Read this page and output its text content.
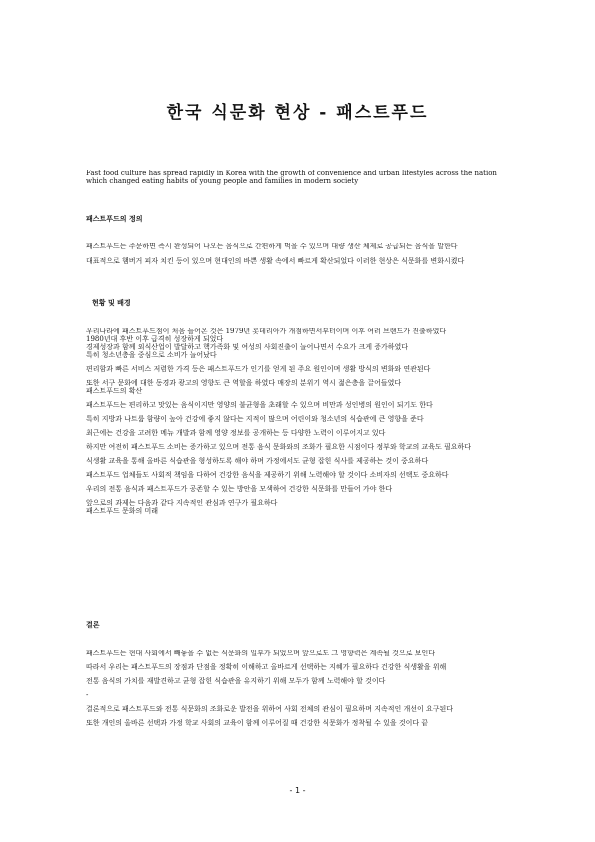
한국 식문화 현상 - 패스트푸드
Fast food culture has spread rapidly in Korea with the growth of convenience and urban lifestyles across the nation
which changed eating habits of young people and families in modern society
패스트푸드의 정의
패스트푸드는 주문하면 즉시 완성되어 나오는 음식으로 간편하게 먹을 수 있으며 대량 생산 체제로 공급되는 음식을 말한다
대표적으로 햄버거 피자 치킨 등이 있으며 현대인의 바쁜 생활 속에서 빠르게 확산되었다 이러한 현상은 식문화를 변화시켰다
현황 및 배경
우리나라에 패스트푸드점이 처음 들어온 것은 1979년 롯데리아가 개점하면서부터이며 이후 여러 브랜드가 진출하였다
1980년대 후반 이후 급격히 성장하게 되었다
경제성장과 함께 외식산업이 발달하고 핵가족화 및 여성의 사회진출이 늘어나면서 수요가 크게 증가하였다
특히 청소년층을 중심으로 소비가 늘어났다
편리함과 빠른 서비스 저렴한 가격 등은 패스트푸드가 인기를 얻게 된 주요 원인이며 생활 방식의 변화와 연관된다
또한 서구 문화에 대한 동경과 광고의 영향도 큰 역할을 하였다 매장의 분위기 역시 젊은층을 끌어들였다
패스트푸드의 확산
패스트푸드는 편리하고 맛있는 음식이지만 영양의 불균형을 초래할 수 있으며 비만과 성인병의 원인이 되기도 한다
특히 지방과 나트륨 함량이 높아 건강에 좋지 않다는 지적이 많으며 어린이와 청소년의 식습관에 큰 영향을 준다
최근에는 건강을 고려한 메뉴 개발과 함께 영양 정보를 공개하는 등 다양한 노력이 이루어지고 있다
하지만 여전히 패스트푸드 소비는 증가하고 있으며 전통 음식 문화와의 조화가 필요한 시점이다 정부와 학교의 교육도 필요하다
식생활 교육을 통해 올바른 식습관을 형성하도록 해야 하며 가정에서도 균형 잡힌 식사를 제공하는 것이 중요하다
패스트푸드 업체들도 사회적 책임을 다하여 건강한 음식을 제공하기 위해 노력해야 할 것이다 소비자의 선택도 중요하다
우리의 전통 음식과 패스트푸드가 공존할 수 있는 방안을 모색하여 건강한 식문화를 만들어 가야 한다
앞으로의 과제는 다음과 같다 지속적인 관심과 연구가 필요하다
패스트푸드 문화의 미래
결론
패스트푸드는 현대 사회에서 빼놓을 수 없는 식문화의 일부가 되었으며 앞으로도 그 영향력은 계속될 것으로 보인다
따라서 우리는 패스트푸드의 장점과 단점을 정확히 이해하고 올바르게 선택하는 지혜가 필요하다 건강한 식생활을 위해
전통 음식의 가치를 재발견하고 균형 잡힌 식습관을 유지하기 위해 모두가 함께 노력해야 할 것이다
-
결론적으로 패스트푸드와 전통 식문화의 조화로운 발전을 위하여 사회 전체의 관심이 필요하며 지속적인 개선이 요구된다
또한 개인의 올바른 선택과 가정 학교 사회의 교육이 함께 이루어질 때 건강한 식문화가 정착될 수 있을 것이다 끝
- 1 -
